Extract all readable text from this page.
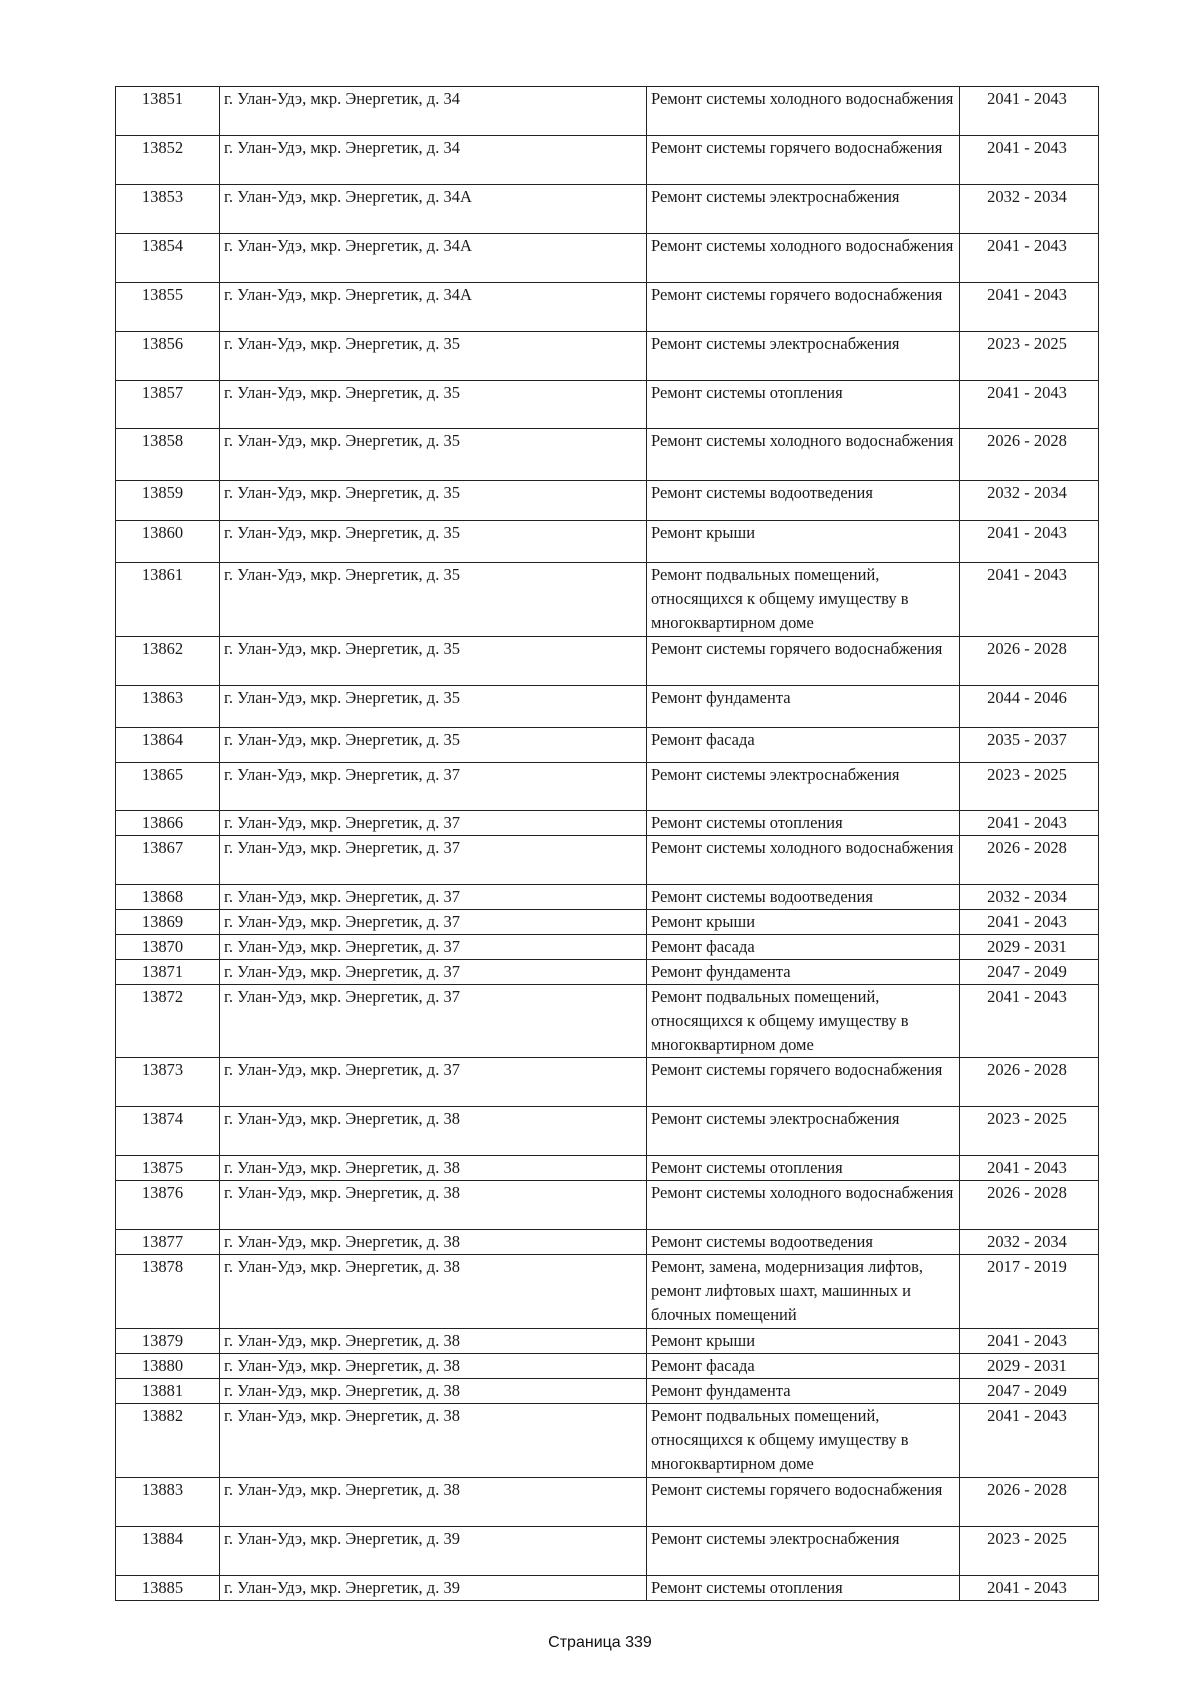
13851	г. Улан-Удэ, мкр. Энергетик, д. 34	Ремонт системы холодного водоснабжения	2041 - 2043
13852	г. Улан-Удэ, мкр. Энергетик, д. 34	Ремонт системы горячего водоснабжения	2041 - 2043
13853	г. Улан-Удэ, мкр. Энергетик, д. 34А	Ремонт системы электроснабжения	2032 - 2034
13854	г. Улан-Удэ, мкр. Энергетик, д. 34А	Ремонт системы холодного водоснабжения	2041 - 2043
13855	г. Улан-Удэ, мкр. Энергетик, д. 34А	Ремонт системы горячего водоснабжения	2041 - 2043
13856	г. Улан-Удэ, мкр. Энергетик, д. 35	Ремонт системы электроснабжения	2023 - 2025
13857	г. Улан-Удэ, мкр. Энергетик, д. 35	Ремонт системы отопления	2041 - 2043
13858	г. Улан-Удэ, мкр. Энергетик, д. 35	Ремонт системы холодного водоснабжения	2026 - 2028
13859	г. Улан-Удэ, мкр. Энергетик, д. 35	Ремонт системы водоотведения	2032 - 2034
13860	г. Улан-Удэ, мкр. Энергетик, д. 35	Ремонт крыши	2041 - 2043
13861	г. Улан-Удэ, мкр. Энергетик, д. 35	Ремонт подвальных помещений, относящихся к общему имуществу в многоквартирном доме	2041 - 2043
13862	г. Улан-Удэ, мкр. Энергетик, д. 35	Ремонт системы горячего водоснабжения	2026 - 2028
13863	г. Улан-Удэ, мкр. Энергетик, д. 35	Ремонт фундамента	2044 - 2046
13864	г. Улан-Удэ, мкр. Энергетик, д. 35	Ремонт фасада	2035 - 2037
13865	г. Улан-Удэ, мкр. Энергетик, д. 37	Ремонт системы электроснабжения	2023 - 2025
13866	г. Улан-Удэ, мкр. Энергетик, д. 37	Ремонт системы отопления	2041 - 2043
13867	г. Улан-Удэ, мкр. Энергетик, д. 37	Ремонт системы холодного водоснабжения	2026 - 2028
13868	г. Улан-Удэ, мкр. Энергетик, д. 37	Ремонт системы водоотведения	2032 - 2034
13869	г. Улан-Удэ, мкр. Энергетик, д. 37	Ремонт крыши	2041 - 2043
13870	г. Улан-Удэ, мкр. Энергетик, д. 37	Ремонт фасада	2029 - 2031
13871	г. Улан-Удэ, мкр. Энергетик, д. 37	Ремонт фундамента	2047 - 2049
13872	г. Улан-Удэ, мкр. Энергетик, д. 37	Ремонт подвальных помещений, относящихся к общему имуществу в многоквартирном доме	2041 - 2043
13873	г. Улан-Удэ, мкр. Энергетик, д. 37	Ремонт системы горячего водоснабжения	2026 - 2028
13874	г. Улан-Удэ, мкр. Энергетик, д. 38	Ремонт системы электроснабжения	2023 - 2025
13875	г. Улан-Удэ, мкр. Энергетик, д. 38	Ремонт системы отопления	2041 - 2043
13876	г. Улан-Удэ, мкр. Энергетик, д. 38	Ремонт системы холодного водоснабжения	2026 - 2028
13877	г. Улан-Удэ, мкр. Энергетик, д. 38	Ремонт системы водоотведения	2032 - 2034
13878	г. Улан-Удэ, мкр. Энергетик, д. 38	Ремонт, замена, модернизация лифтов, ремонт лифтовых шахт, машинных и блочных помещений	2017 - 2019
13879	г. Улан-Удэ, мкр. Энергетик, д. 38	Ремонт крыши	2041 - 2043
13880	г. Улан-Удэ, мкр. Энергетик, д. 38	Ремонт фасада	2029 - 2031
13881	г. Улан-Удэ, мкр. Энергетик, д. 38	Ремонт фундамента	2047 - 2049
13882	г. Улан-Удэ, мкр. Энергетик, д. 38	Ремонт подвальных помещений, относящихся к общему имуществу в многоквартирном доме	2041 - 2043
13883	г. Улан-Удэ, мкр. Энергетик, д. 38	Ремонт системы горячего водоснабжения	2026 - 2028
13884	г. Улан-Удэ, мкр. Энергетик, д. 39	Ремонт системы электроснабжения	2023 - 2025
13885	г. Улан-Удэ, мкр. Энергетик, д. 39	Ремонт системы отопления	2041 - 2043
Страница 339
